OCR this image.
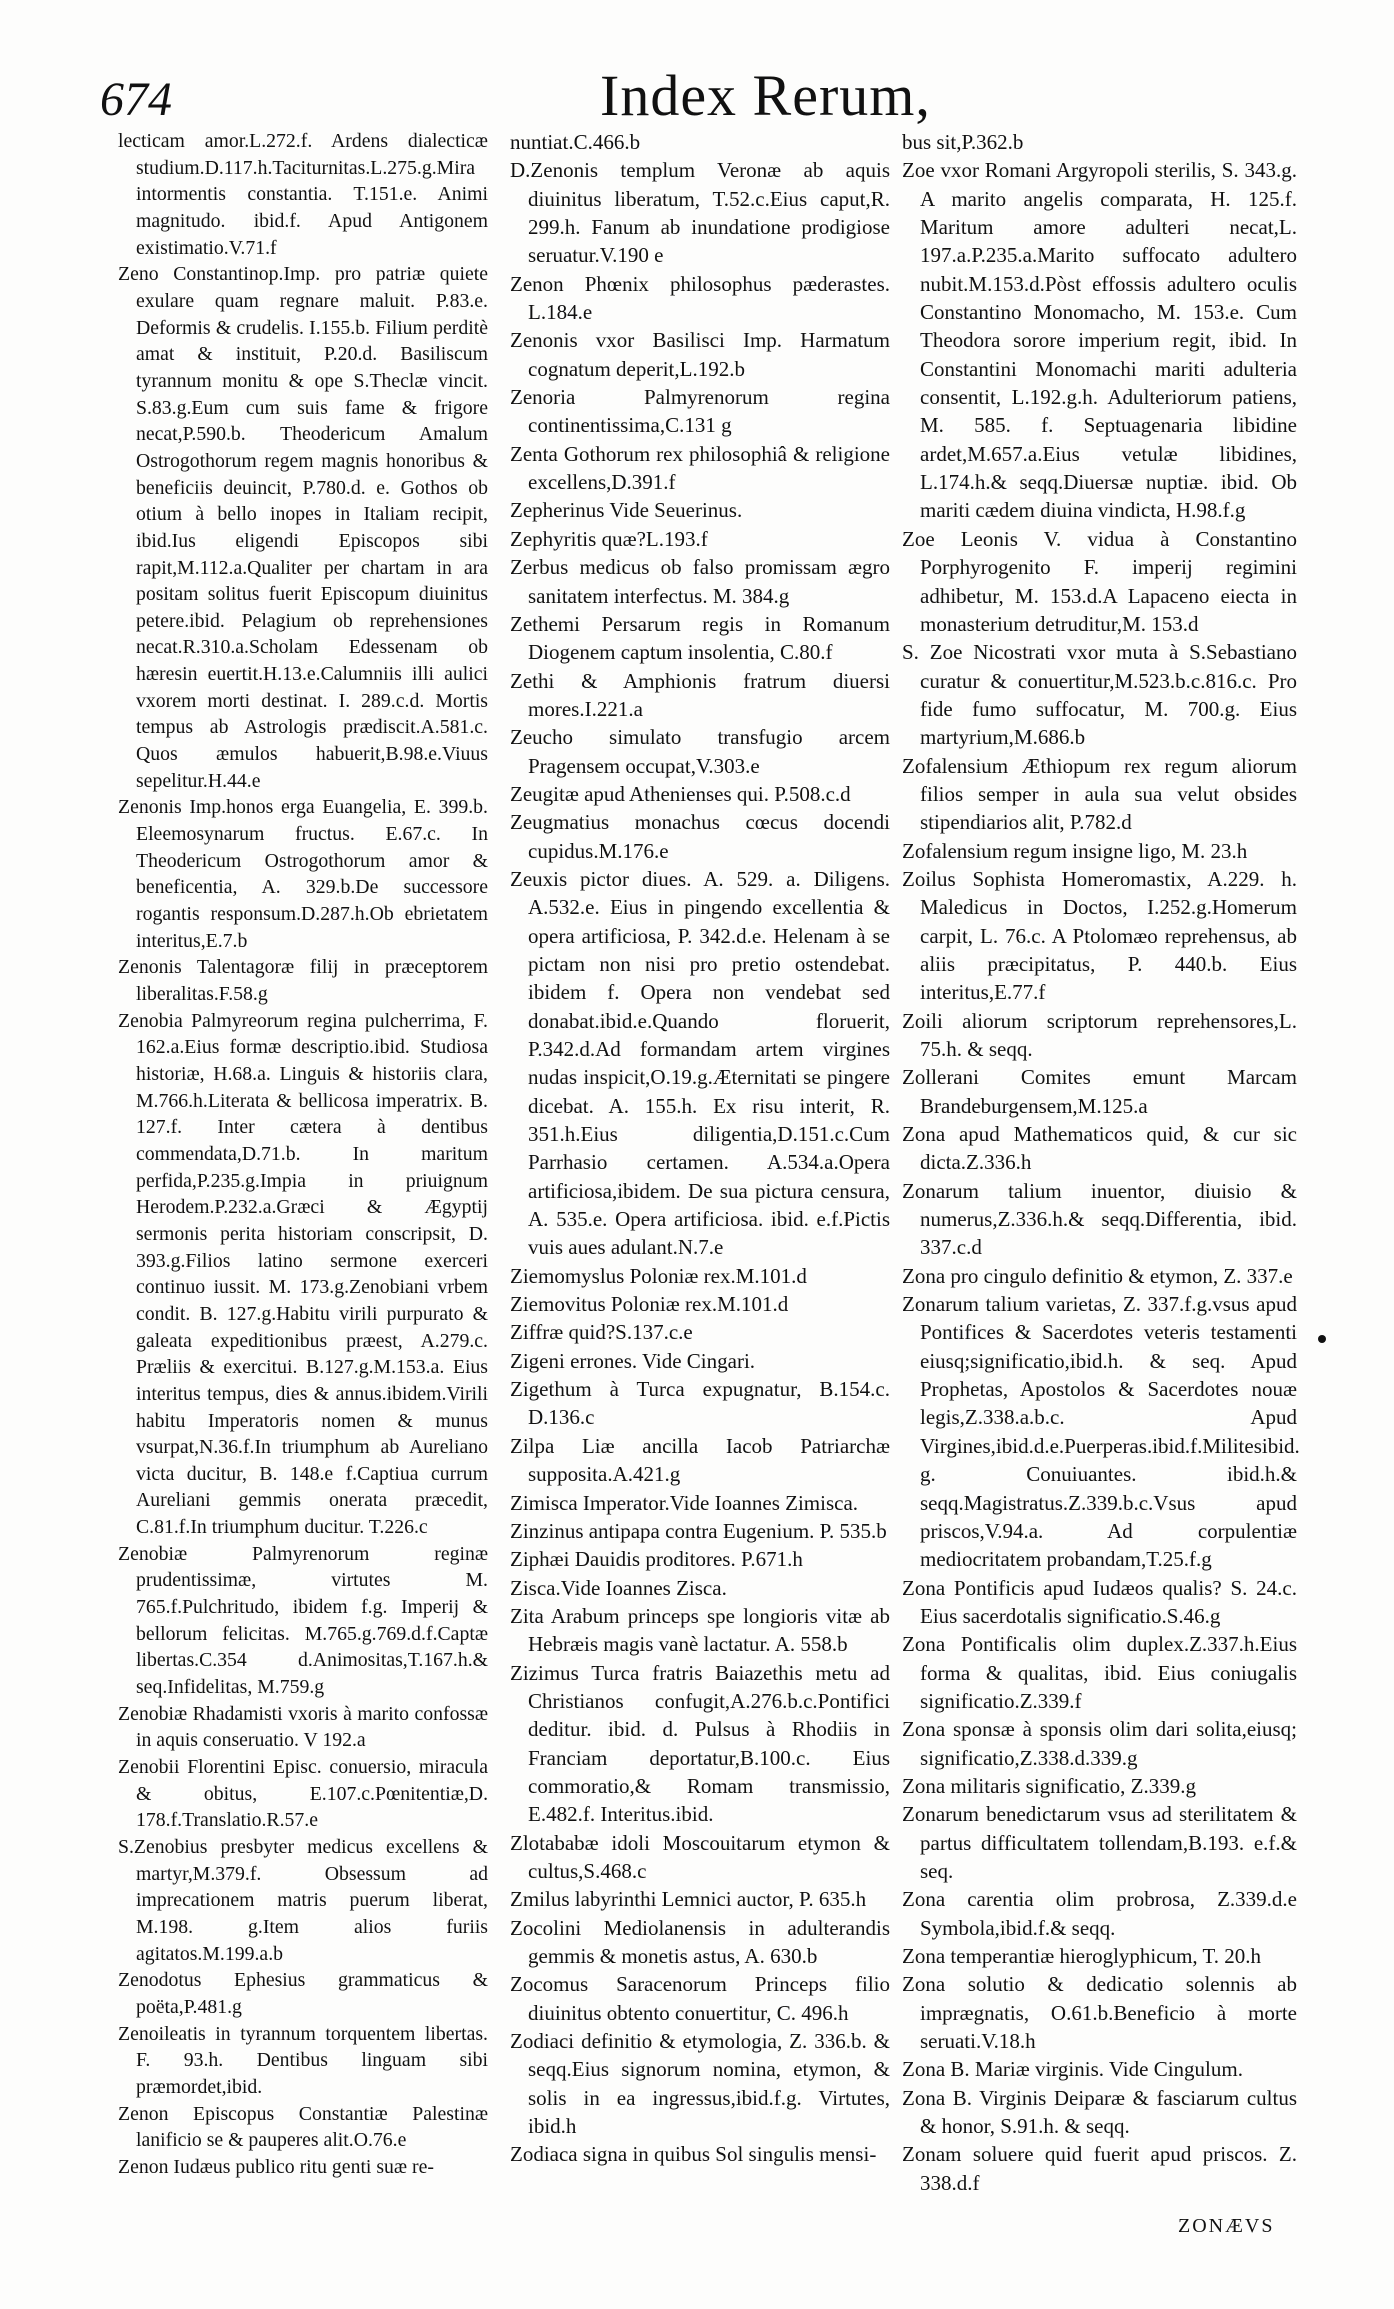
674	Index Rerum,

lecticam amor.L.272.f. Ardens dialecticæ studium.D.117.h.Taciturnitas.L.275.g.Mira intormentis constantia. T.151.e. Animi magnitudo. ibid.f. Apud Antigonem existimatio.V.71.f

Zeno Constantinop.Imp. pro patriæ quiete exulare quam regnare maluit. P.83.e. Deformis & crudelis. I.155.b. Filium perditè amat & instituit, P.20.d. Basiliscum tyrannum monitu & ope S.Theclæ vincit. S.83.g.Eum cum suis fame & frigore necat,P.590.b. Theodericum Amalum Ostrogothorum regem magnis honoribus & beneficiis deuincit, P.780.d. e. Gothos ob otium à bello inopes in Italiam recipit, ibid.Ius eligendi Episcopos sibi rapit,M.112.a.Qualiter per chartam in ara positam solitus fuerit Episcopum diuinitus petere.ibid. Pelagium ob reprehensiones necat.R.310.a.Scholam Edessenam ob hæresin euertit.H.13.e.Calumniis illi aulici vxorem morti destinat. I. 289.c.d. Mortis tempus ab Astrologis prædiscit.A.581.c. Quos æmulos habuerit,B.98.e.Viuus sepelitur.H.44.e

Zenonis Imp.honos erga Euangelia, E. 399.b. Eleemosynarum fructus. E.67.c. In Theodericum Ostrogothorum amor & beneficentia, A. 329.b.De successore rogantis responsum.D.287.h.Ob ebrietatem interitus,E.7.b

Zenonis Talentagoræ filij in præceptorem liberalitas.F.58.g

Zenobia Palmyreorum regina pulcherrima, F. 162.a.Eius formæ descriptio.ibid. Studiosa historiæ, H.68.a. Linguis & historiis clara, M.766.h.Literata & bellicosa imperatrix. B. 127.f. Inter cætera à dentibus commendata,D.71.b. In maritum perfida,P.235.g.Impia in priuignum Herodem.P.232.a.Græci & Ægyptij sermonis perita historiam conscripsit, D. 393.g.Filios latino sermone exerceri continuo iussit. M. 173.g.Zenobiani vrbem condit. B. 127.g.Habitu virili purpurato & galeata expeditionibus præest, A.279.c. Præliis & exercitui. B.127.g.M.153.a. Eius interitus tempus, dies & annus.ibidem.Virili habitu Imperatoris nomen & munus vsurpat,N.36.f.In triumphum ab Aureliano victa ducitur, B. 148.e f.Captiua currum Aureliani gemmis onerata præcedit, C.81.f.In triumphum ducitur. T.226.c

Zenobiæ Palmyrenorum reginæ prudentissimæ, virtutes M. 765.f.Pulchritudo, ibidem f.g. Imperij & bellorum felicitas. M.765.g.769.d.f.Captæ libertas.C.354 d.Animositas,T.167.h.& seq.Infidelitas, M.759.g

Zenobiæ Rhadamisti vxoris à marito confossæ in aquis conseruatio. V 192.a

Zenobii Florentini Episc. conuersio, miracula & obitus, E.107.c.Pœnitentiæ,D. 178.f.Translatio.R.57.e

S.Zenobius presbyter medicus excellens & martyr,M.379.f. Obsessum ad imprecationem matris puerum liberat, M.198. g.Item alios furiis agitatos.M.199.a.b

Zenodotus Ephesius grammaticus & poëta,P.481.g

Zenoileatis in tyrannum torquentem libertas. F. 93.h. Dentibus linguam sibi præmordet,ibid.

Zenon Episcopus Constantiæ Palestinæ lanificio se & pauperes alit.O.76.e

Zenon Iudæus publico ritu genti suæ re-

nuntiat.C.466.b

D.Zenonis templum Veronæ ab aquis diuinitus liberatum, T.52.c.Eius caput,R. 299.h. Fanum ab inundatione prodigiose seruatur.V.190 e

Zenon Phœnix philosophus pæderastes. L.184.e

Zenonis vxor Basilisci Imp. Harmatum cognatum deperit,L.192.b

Zenoria Palmyrenorum regina continentissima,C.131 g

Zenta Gothorum rex philosophiâ & religione excellens,D.391.f

Zepherinus Vide Seuerinus.

Zephyritis quæ?L.193.f

Zerbus medicus ob falso promissam ægro sanitatem interfectus. M. 384.g

Zethemi Persarum regis in Romanum Diogenem captum insolentia, C.80.f

Zethi & Amphionis fratrum diuersi mores.I.221.a

Zeucho simulato transfugio arcem Pragensem occupat,V.303.e

Zeugitæ apud Athenienses qui. P.508.c.d

Zeugmatius monachus cœcus docendi cupidus.M.176.e

Zeuxis pictor diues. A. 529. a. Diligens. A.532.e. Eius in pingendo excellentia & opera artificiosa, P. 342.d.e. Helenam à se pictam non nisi pro pretio ostendebat. ibidem f. Opera non vendebat sed donabat.ibid.e.Quando floruerit, P.342.d.Ad formandam artem virgines nudas inspicit,O.19.g.Æternitati se pingere dicebat. A. 155.h. Ex risu interit, R. 351.h.Eius diligentia,D.151.c.Cum Parrhasio certamen. A.534.a.Opera artificiosa,ibidem. De sua pictura censura, A. 535.e. Opera artificiosa. ibid. e.f.Pictis vuis aues adulant.N.7.e

Ziemomyslus Poloniæ rex.M.101.d

Ziemovitus Poloniæ rex.M.101.d

Ziffræ quid?S.137.c.e

Zigeni errones. Vide Cingari.

Zigethum à Turca expugnatur, B.154.c. D.136.c

Zilpa Liæ ancilla Iacob Patriarchæ supposita.A.421.g

Zimisca Imperator.Vide Ioannes Zimisca.

Zinzinus antipapa contra Eugenium. P. 535.b

Ziphæi Dauidis proditores. P.671.h

Zisca.Vide Ioannes Zisca.

Zita Arabum princeps spe longioris vitæ ab Hebræis magis vanè lactatur. A. 558.b

Zizimus Turca fratris Baiazethis metu ad Christianos confugit,A.276.b.c.Pontifici deditur. ibid. d. Pulsus à Rhodiis in Franciam deportatur,B.100.c. Eius commoratio,& Romam transmissio, E.482.f. Interitus.ibid.

Zlotababæ idoli Moscouitarum etymon & cultus,S.468.c

Zmilus labyrinthi Lemnici auctor, P. 635.h

Zocolini Mediolanensis in adulterandis gemmis & monetis astus, A. 630.b

Zocomus Saracenorum Princeps filio diuinitus obtento conuertitur, C. 496.h

Zodiaci definitio & etymologia, Z. 336.b. & seqq.Eius signorum nomina, etymon, & solis in ea ingressus,ibid.f.g. Virtutes, ibid.h

Zodiaca signa in quibus Sol singulis mensi-

bus sit,P.362.b

Zoe vxor Romani Argyropoli sterilis, S. 343.g. A marito angelis comparata, H. 125.f. Maritum amore adulteri necat,L. 197.a.P.235.a.Marito suffocato adultero nubit.M.153.d.Pòst effossis adultero oculis Constantino Monomacho, M. 153.e. Cum Theodora sorore imperium regit, ibid. In Constantini Monomachi mariti adulteria consentit, L.192.g.h. Adulteriorum patiens, M. 585. f. Septuagenaria libidine ardet,M.657.a.Eius vetulæ libidines, L.174.h.& seqq.Diuersæ nuptiæ. ibid. Ob mariti cædem diuina vindicta, H.98.f.g

Zoe Leonis V. vidua à Constantino Porphyrogenito F. imperij regimini adhibetur, M. 153.d.A Lapaceno eiecta in monasterium detruditur,M. 153.d

S. Zoe Nicostrati vxor muta à S.Sebastiano curatur & conuertitur,M.523.b.c.816.c. Pro fide fumo suffocatur, M. 700.g. Eius martyrium,M.686.b

Zofalensium Æthiopum rex regum aliorum filios semper in aula sua velut obsides stipendiarios alit, P.782.d

Zofalensium regum insigne ligo, M. 23.h

Zoilus Sophista Homeromastix, A.229. h. Maledicus in Doctos, I.252.g.Homerum carpit, L. 76.c. A Ptolomæo reprehensus, ab aliis præcipitatus, P. 440.b. Eius interitus,E.77.f

Zoili aliorum scriptorum reprehensores,L. 75.h. & seqq.

Zollerani Comites emunt Marcam Brandeburgensem,M.125.a

Zona apud Mathematicos quid, & cur sic dicta.Z.336.h

Zonarum talium inuentor, diuisio & numerus,Z.336.h.& seqq.Differentia, ibid. 337.c.d

Zona pro cingulo definitio & etymon, Z. 337.e

Zonarum talium varietas, Z. 337.f.g.vsus apud Pontifices & Sacerdotes veteris testamenti eiusq;significatio,ibid.h. & seq. Apud Prophetas, Apostolos & Sacerdotes nouæ legis,Z.338.a.b.c. Apud Virgines,ibid.d.e.Puerperas.ibid.f.Militesibid. g. Conuiuantes. ibid.h.& seqq.Magistratus.Z.339.b.c.Vsus apud priscos,V.94.a. Ad corpulentiæ mediocritatem probandam,T.25.f.g

Zona Pontificis apud Iudæos qualis? S. 24.c. Eius sacerdotalis significatio.S.46.g

Zona Pontificalis olim duplex.Z.337.h.Eius forma & qualitas, ibid. Eius coniugalis significatio.Z.339.f

Zona sponsæ à sponsis olim dari solita,eiusq; significatio,Z.338.d.339.g

Zona militaris significatio, Z.339.g

Zonarum benedictarum vsus ad sterilitatem & partus difficultatem tollendam,B.193. e.f.& seq.

Zona carentia olim probrosa, Z.339.d.e Symbola,ibid.f.& seqq.

Zona temperantiæ hieroglyphicum, T. 20.h

Zona solutio & dedicatio solennis ab imprægnatis, O.61.b.Beneficio à morte seruati.V.18.h

Zona B. Mariæ virginis. Vide Cingulum.

Zona B. Virginis Deiparæ & fasciarum cultus & honor, S.91.h. & seqq.

Zonam soluere quid fuerit apud priscos. Z. 338.d.f

ZONÆVS
